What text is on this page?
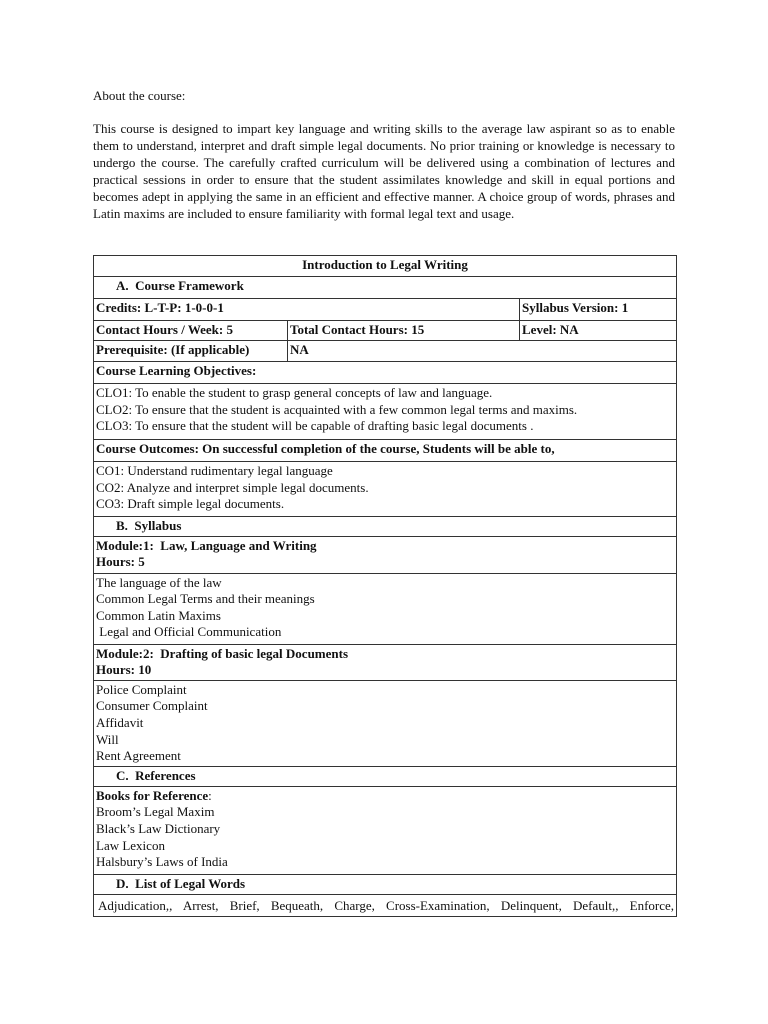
About the course:
This course is designed to impart key language and writing skills to the average law aspirant so as to enable them to understand, interpret and draft simple legal documents. No prior training or knowledge is necessary to undergo the course. The carefully crafted curriculum will be delivered using a combination of lectures and practical sessions in order to ensure that the student assimilates knowledge and skill in equal portions and becomes adept in applying the same in an efficient and effective manner. A choice group of words, phrases and Latin maxims are included to ensure familiarity with formal legal text and usage.
Introduction to Legal Writing		
A.  Course Framework		
Credits: L-T-P: 1-0-0-1		Syllabus Version: 1
Contact Hours / Week: 5	Total Contact Hours: 15	Level: NA
Prerequisite: (If applicable)	NA	
Course Learning Objectives:		

CLO1: To enable the student to grasp general concepts of law and language.
CLO2: To ensure that the student is acquainted with a few common legal terms and maxims.
CLO3: To ensure that the student will be capable of drafting basic legal documents .		

Course Outcomes: On successful completion of the course, Students will be able to,		

CO1: Understand rudimentary legal language
CO2: Analyze and interpret simple legal documents.
CO3: Draft simple legal documents.		

B.  Syllabus		

Module:1:  Law, Language and Writing
Hours: 5		

The language of the law
Common Legal Terms and their meanings
Common Latin Maxims
Legal and Official Communication		

Module:2:  Drafting of basic legal Documents
Hours: 10		

Police Complaint
Consumer Complaint
Affidavit
Will
Rent Agreement		

C.  References		

Books for Reference:
Broom’s Legal Maxim
Black’s Law Dictionary
Law Lexicon
Halsbury’s Laws of India		

D.  List of Legal Words		
Adjudication,, Arrest, Brief, Bequeath, Charge, Cross-Examination, Delinquent, Default,, Enforce,		
